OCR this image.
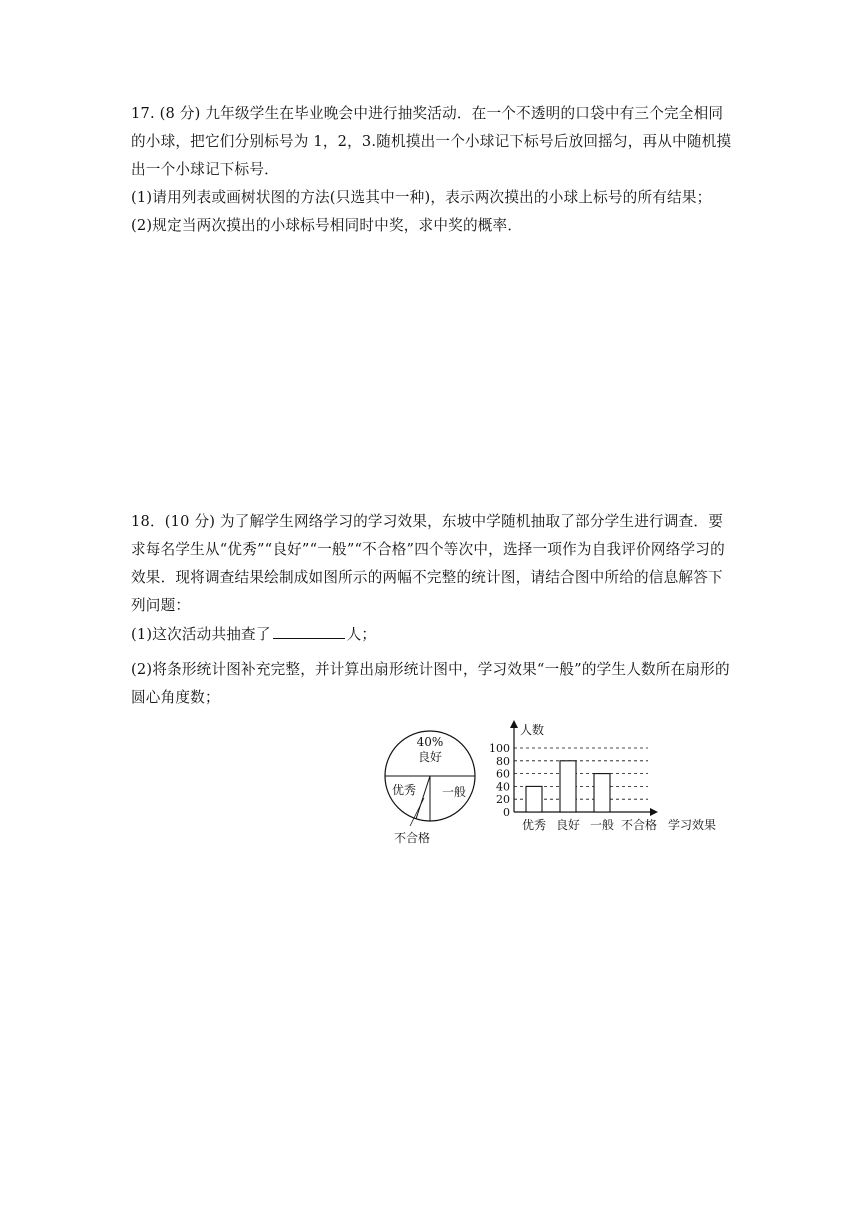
17. (8 分) 九年级学生在毕业晚会中进行抽奖活动．在一个不透明的口袋中有三个完全相同
的小球，把它们分别标号为 1，2，3.随机摸出一个小球记下标号后放回摇匀，再从中随机摸
出一个小球记下标号．
(1)请用列表或画树状图的方法(只选其中一种)，表示两次摸出的小球上标号的所有结果；
(2)规定当两次摸出的小球标号相同时中奖，求中奖的概率．
18．(10 分) 为了解学生网络学习的学习效果，东坡中学随机抽取了部分学生进行调查．要
求每名学生从“优秀”“良好”“一般”“不合格”四个等次中，选择一项作为自我评价网络学习的
效果．现将调查结果绘制成如图所示的两幅不完整的统计图，请结合图中所给的信息解答下
列问题：
(1)这次活动共抽查了	人；
(2)将条形统计图补充完整，并计算出扇形统计图中，学习效果“一般”的学生人数所在扇形的
圆心角度数；
40%
良好
一般
优秀
不合格
0
20
40
60
80
100
人数
优秀 良好 一般 不合格 学习效果
